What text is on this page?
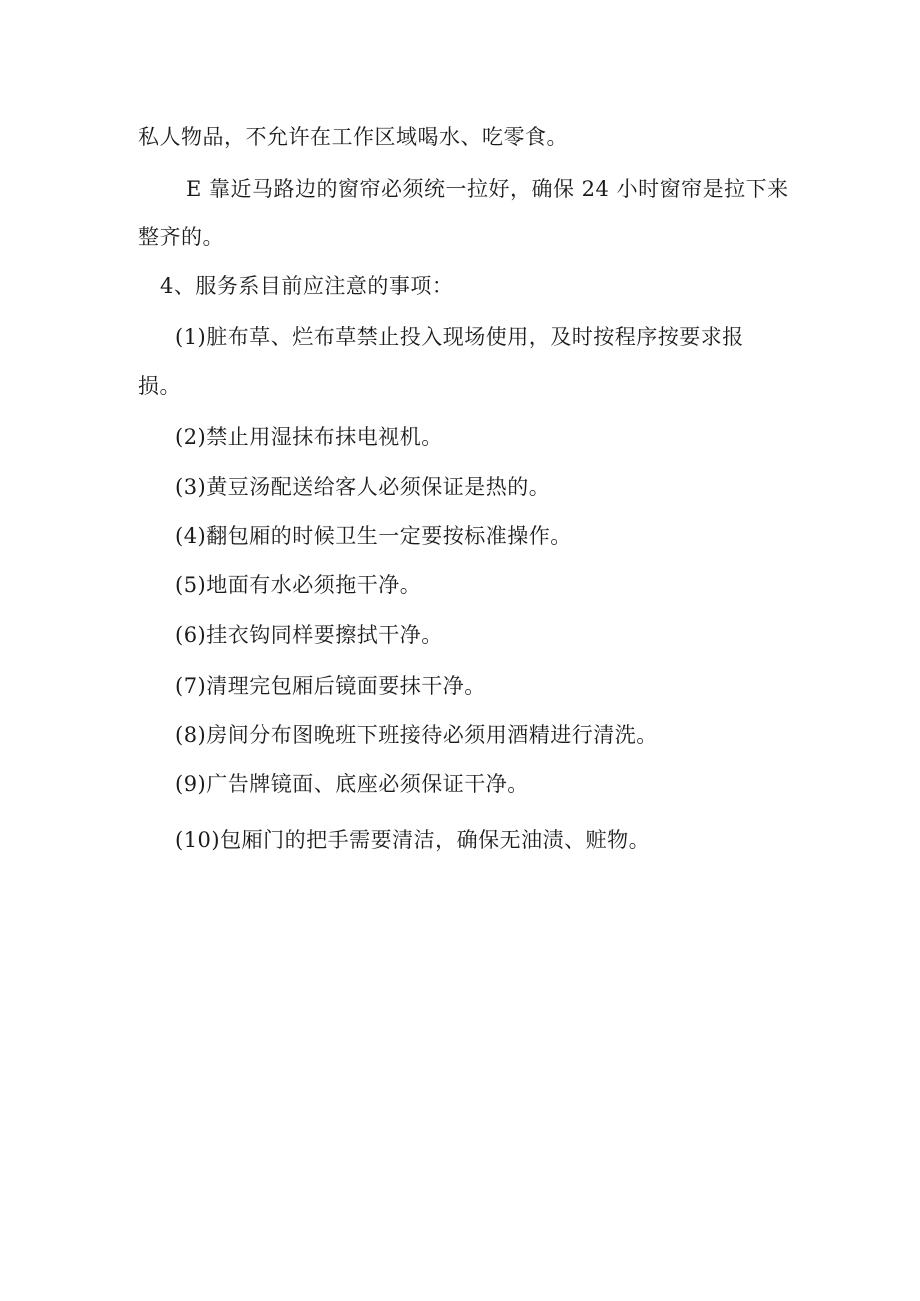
私人物品，不允许在工作区域喝水、吃零食。
E 靠近马路边的窗帘必须统一拉好，确保 24 小时窗帘是拉下来
整齐的。
4、服务系目前应注意的事项：
(1)脏布草、烂布草禁止投入现场使用，及时按程序按要求报
损。
(2)禁止用湿抹布抹电视机。
(3)黄豆汤配送给客人必须保证是热的。
(4)翻包厢的时候卫生一定要按标准操作。
(5)地面有水必须拖干净。
(6)挂衣钩同样要擦拭干净。
(7)清理完包厢后镜面要抹干净。
(8)房间分布图晚班下班接待必须用酒精进行清洗。
(9)广告牌镜面、底座必须保证干净。
(10)包厢门的把手需要清洁，确保无油渍、赃物。
